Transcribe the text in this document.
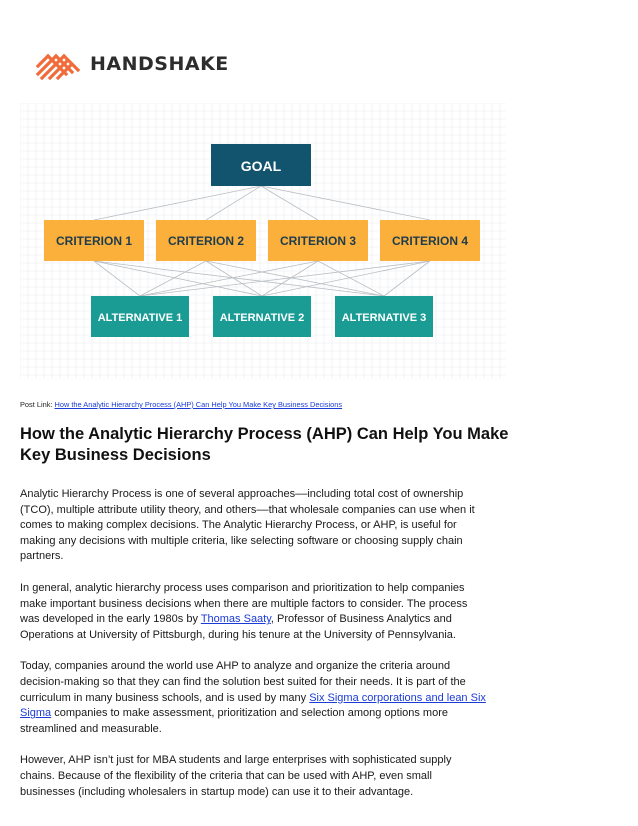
HANDSHAKE
GOAL
CRITERION 1	CRITERION 2	CRITERION 3	CRITERION 4
ALTERNATIVE 1	ALTERNATIVE 2	ALTERNATIVE 3
Post Link: How the Analytic Hierarchy Process (AHP) Can Help You Make Key Business Decisions
How the Analytic Hierarchy Process (AHP) Can Help You Make
Key Business Decisions

Analytic Hierarchy Process is one of several approaches––including total cost of ownership
(TCO), multiple attribute utility theory, and others––that wholesale companies can use when it
comes to making complex decisions. The Analytic Hierarchy Process, or AHP, is useful for
making any decisions with multiple criteria, like selecting software or choosing supply chain
partners.

In general, analytic hierarchy process uses comparison and prioritization to help companies
make important business decisions when there are multiple factors to consider. The process
was developed in the early 1980s by Thomas Saaty, Professor of Business Analytics and
Operations at University of Pittsburgh, during his tenure at the University of Pennsylvania.

Today, companies around the world use AHP to analyze and organize the criteria around
decision-making so that they can find the solution best suited for their needs. It is part of the
curriculum in many business schools, and is used by many Six Sigma corporations and lean Six
Sigma companies to make assessment, prioritization and selection among options more
streamlined and measurable.

However, AHP isn’t just for MBA students and large enterprises with sophisticated supply
chains. Because of the flexibility of the criteria that can be used with AHP, even small
businesses (including wholesalers in startup mode) can use it to their advantage.
